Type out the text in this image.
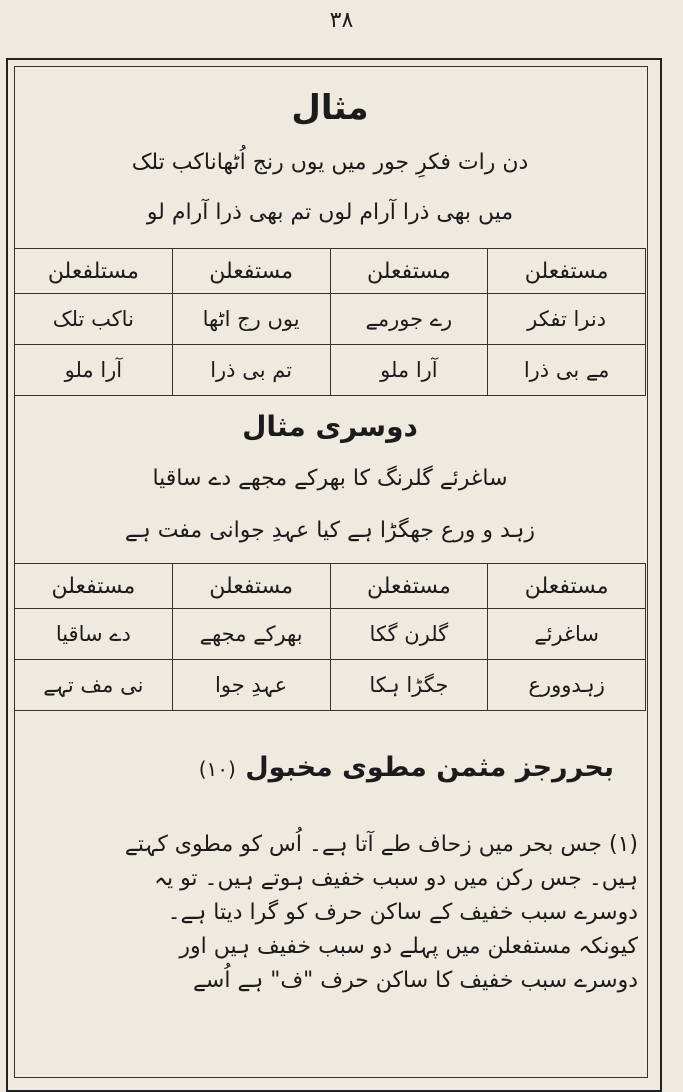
۳۸
مثال
دن رات فکرِ جور میں یوں رنج اُٹھاناکب تلک
میں بھی ذرا آرام لوں تم بھی ذرا آرام لو
مستفعلن	مستفعلن	مستفعلن	مستلفعلن
دنرا تفکر	رے جورمے	یوں رج اٹھا	ناکب تلک
مے بی ذرا	آرا ملو	تم بی ذرا	آرا ملو
دوسری مثال
ساغرئے گلرنگ کا بھرکے مجھے دے ساقیا
زہد و ورع جھگڑا ہے کیا عہدِ جوانی مفت ہے
مستفعلن	مستفعلن	مستفعلن	مستفعلن
ساغرئے	گلرن گکا	بھرکے مجھے	دے ساقیا
زہدوورع	جگڑا ہکا	عہدِ جوا	نی مف تہے
بحررجز مثمن مطوی مخبول (۱۰)
(۱) جس بحر میں زحاف طے آتا ہے۔ اُس کو مطوی کہتے
ہیں۔ جس رکن میں دو سبب خفیف ہوتے ہیں۔ تو یہ
دوسرے سبب خفیف کے ساکن حرف کو گرا دیتا ہے۔
کیونکہ مستفعلن میں پہلے دو سبب خفیف ہیں اور
دوسرے سبب خفیف کا ساکن حرف "ف" ہے اُسے
